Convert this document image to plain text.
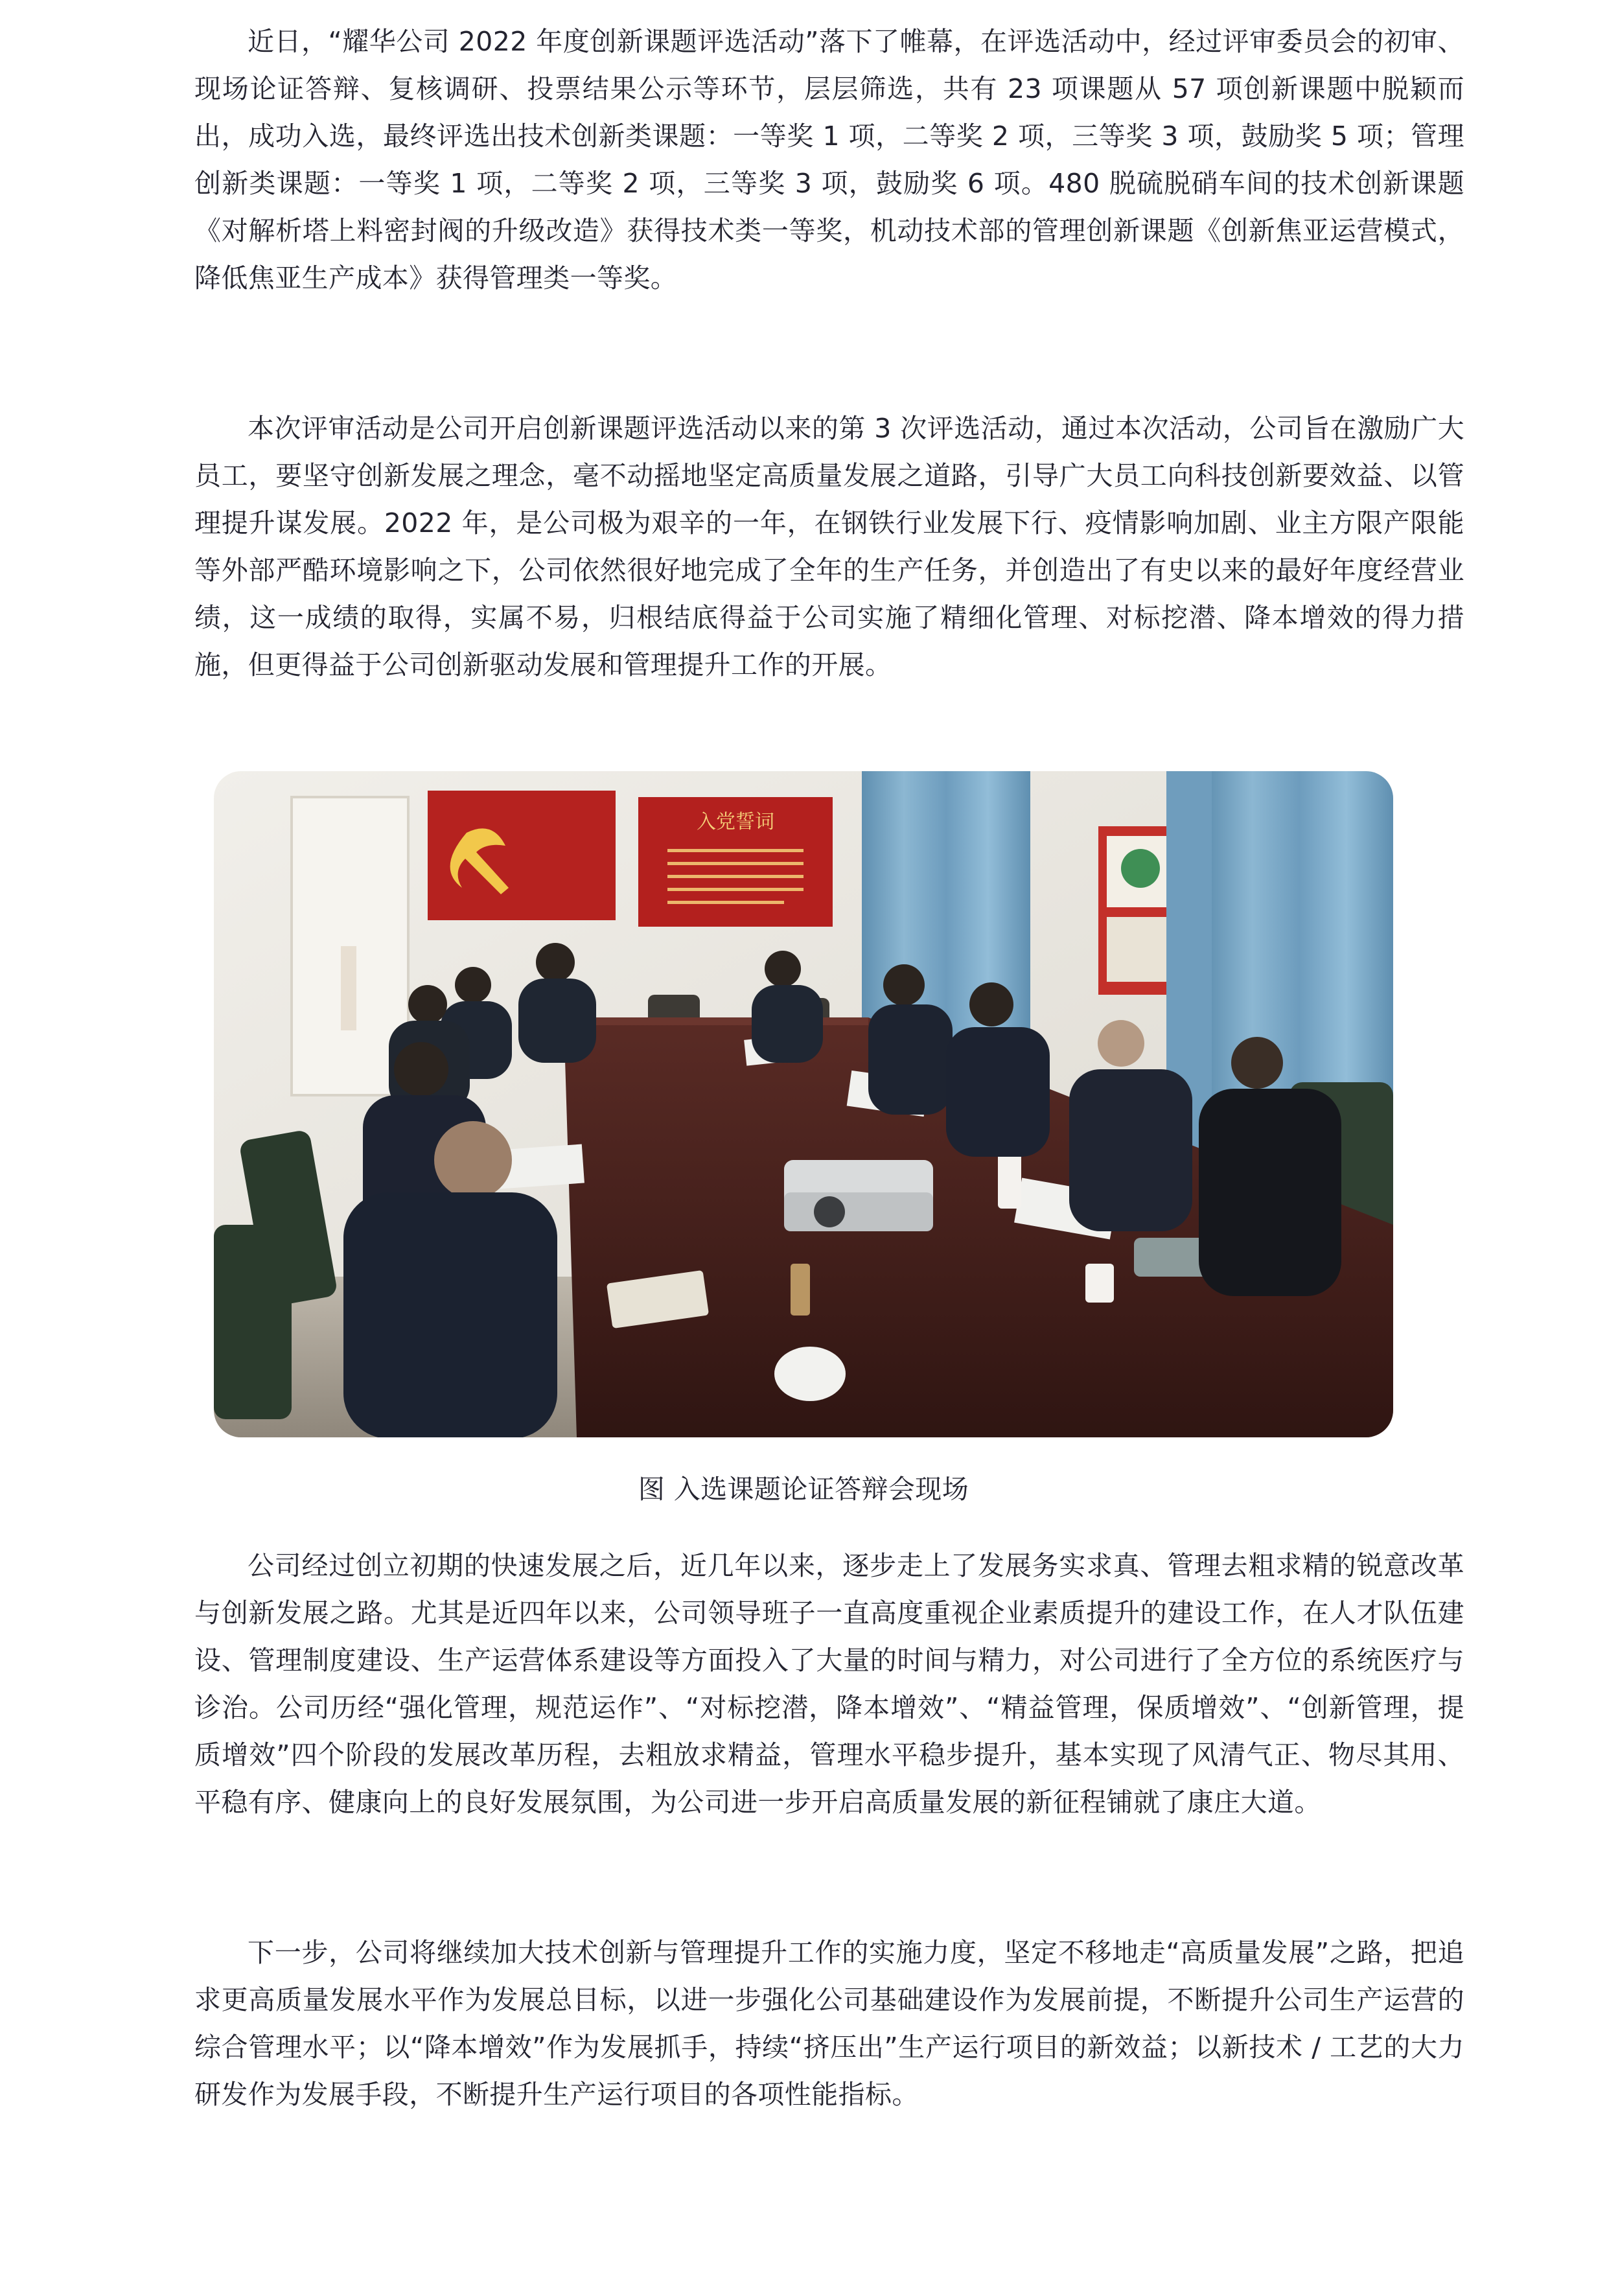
近日，“耀华公司 2022 年度创新课题评选活动”落下了帷幕，在评选活动中，经过评审委员会的初审、现场论证答辩、复核调研、投票结果公示等环节，层层筛选，共有 23 项课题从 57 项创新课题中脱颖而出，成功入选，最终评选出技术创新类课题：一等奖 1 项，二等奖 2 项，三等奖 3 项，鼓励奖 5 项；管理创新类课题：一等奖 1 项，二等奖 2 项，三等奖 3 项，鼓励奖 6 项。480 脱硫脱硝车间的技术创新课题《对解析塔上料密封阀的升级改造》获得技术类一等奖，机动技术部的管理创新课题《创新焦亚运营模式，降低焦亚生产成本》获得管理类一等奖。

本次评审活动是公司开启创新课题评选活动以来的第 3 次评选活动，通过本次活动，公司旨在激励广大员工，要坚守创新发展之理念，毫不动摇地坚定高质量发展之道路，引导广大员工向科技创新要效益、以管理提升谋发展。2022 年，是公司极为艰辛的一年，在钢铁行业发展下行、疫情影响加剧、业主方限产限能等外部严酷环境影响之下，公司依然很好地完成了全年的生产任务，并创造出了有史以来的最好年度经营业绩，这一成绩的取得，实属不易，归根结底得益于公司实施了精细化管理、对标挖潜、降本增效的得力措施，但更得益于公司创新驱动发展和管理提升工作的开展。

入党誓词
图 入选课题论证答辩会现场

公司经过创立初期的快速发展之后，近几年以来，逐步走上了发展务实求真、管理去粗求精的锐意改革与创新发展之路。尤其是近四年以来，公司领导班子一直高度重视企业素质提升的建设工作，在人才队伍建设、管理制度建设、生产运营体系建设等方面投入了大量的时间与精力，对公司进行了全方位的系统医疗与诊治。公司历经“强化管理，规范运作”、“对标挖潜，降本增效”、“精益管理，保质增效”、“创新管理，提质增效”四个阶段的发展改革历程，去粗放求精益，管理水平稳步提升，基本实现了风清气正、物尽其用、平稳有序、健康向上的良好发展氛围，为公司进一步开启高质量发展的新征程铺就了康庄大道。

下一步，公司将继续加大技术创新与管理提升工作的实施力度，坚定不移地走“高质量发展”之路，把追求更高质量发展水平作为发展总目标，以进一步强化公司基础建设作为发展前提，不断提升公司生产运营的综合管理水平；以“降本增效”作为发展抓手，持续“挤压出”生产运行项目的新效益；以新技术 / 工艺的大力研发作为发展手段，不断提升生产运行项目的各项性能指标。
